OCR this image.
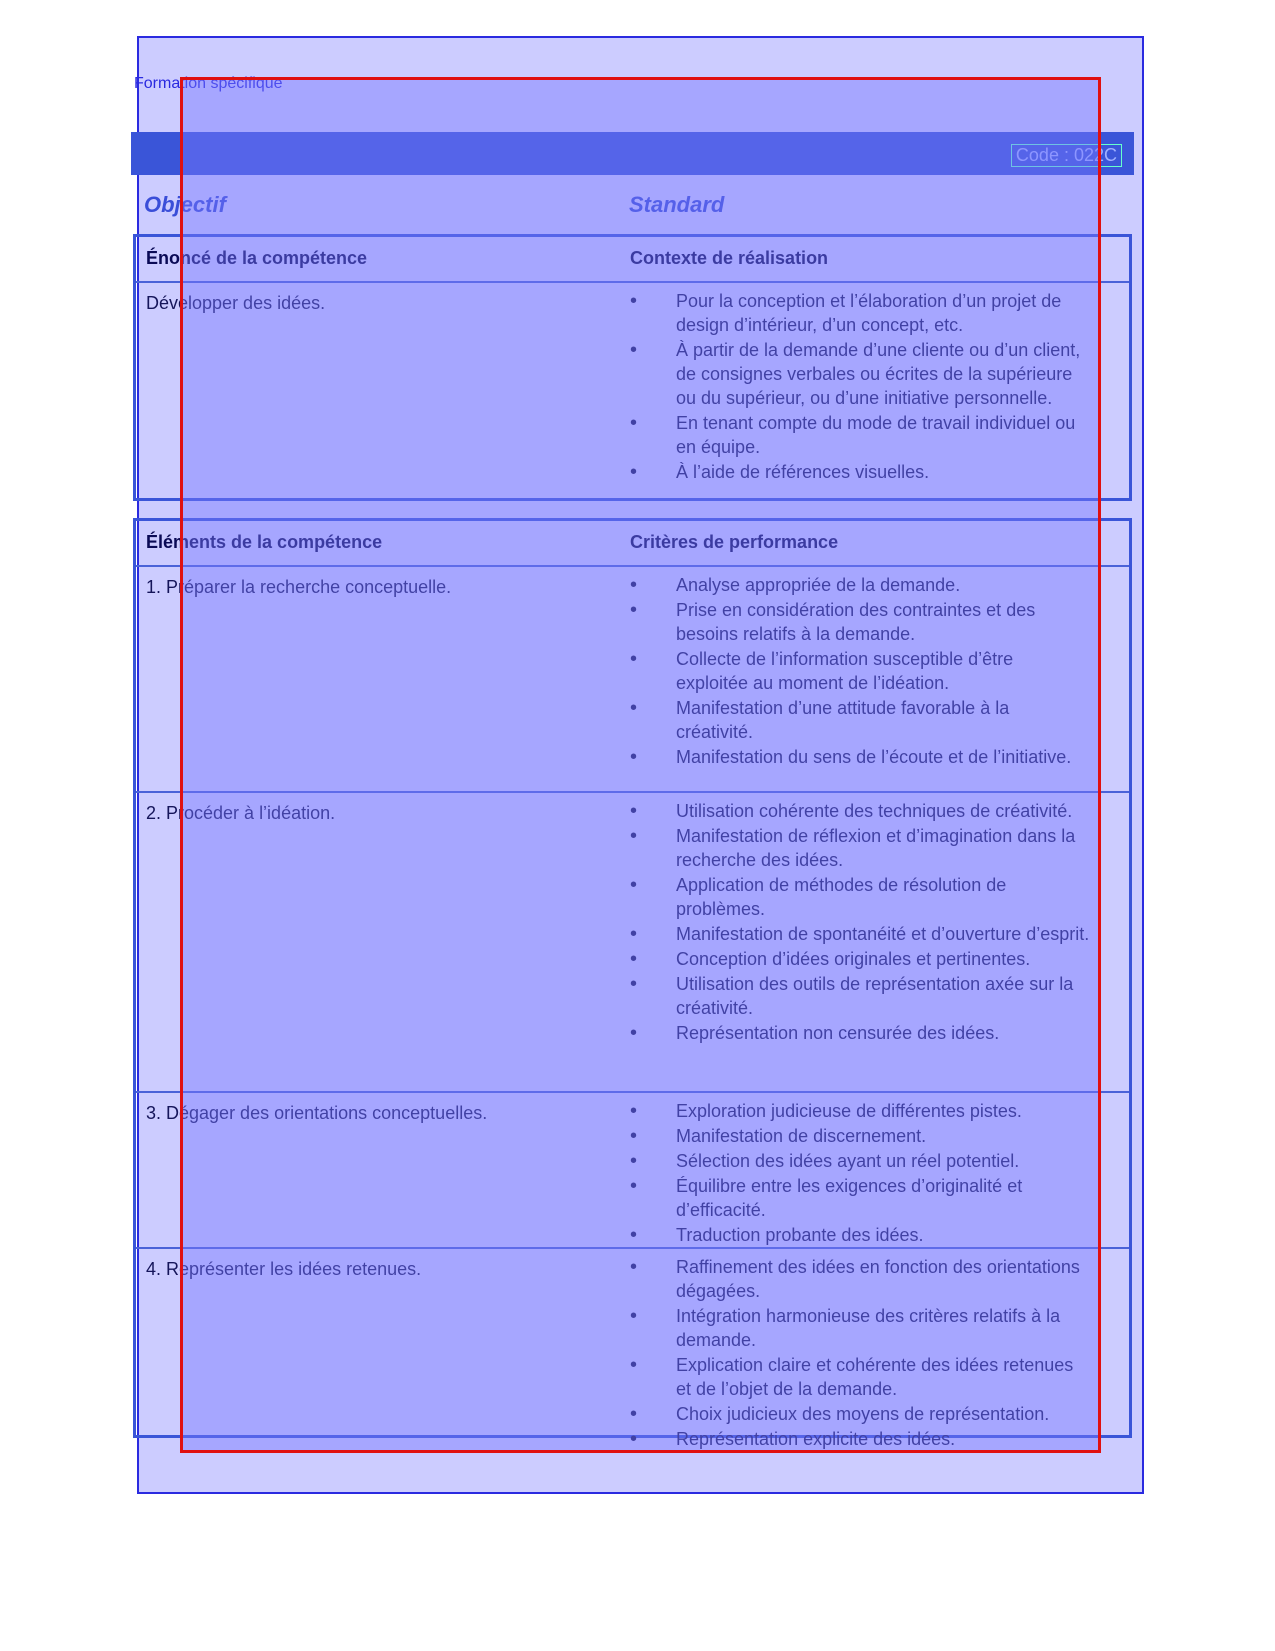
Formation spécifique
Code : 022C
Objectif	Standard
Énoncé de la compétence	Contexte de réalisation
Développer des idées.	• Pour la conception et l’élaboration d’un projet de design d’intérieur, d’un concept, etc.
• À partir de la demande d’une cliente ou d’un client, de consignes verbales ou écrites de la supérieure ou du supérieur, ou d’une initiative personnelle.
• En tenant compte du mode de travail individuel ou en équipe.
• À l’aide de références visuelles.
Éléments de la compétence	Critères de performance
1. Préparer la recherche conceptuelle.	• Analyse appropriée de la demande.
• Prise en considération des contraintes et des besoins relatifs à la demande.
• Collecte de l’information susceptible d’être exploitée au moment de l’idéation.
• Manifestation d’une attitude favorable à la créativité.
• Manifestation du sens de l’écoute et de l’initiative.
2. Procéder à l’idéation.	• Utilisation cohérente des techniques de créativité.
• Manifestation de réflexion et d’imagination dans la recherche des idées.
• Application de méthodes de résolution de problèmes.
• Manifestation de spontanéité et d’ouverture d’esprit.
• Conception d’idées originales et pertinentes.
• Utilisation des outils de représentation axée sur la créativité.
• Représentation non censurée des idées.
3. Dégager des orientations conceptuelles.	• Exploration judicieuse de différentes pistes.
• Manifestation de discernement.
• Sélection des idées ayant un réel potentiel.
• Équilibre entre les exigences d’originalité et d’efficacité.
• Traduction probante des idées.
4. Représenter les idées retenues.	• Raffinement des idées en fonction des orientations dégagées.
• Intégration harmonieuse des critères relatifs à la demande.
• Explication claire et cohérente des idées retenues et de l’objet de la demande.
• Choix judicieux des moyens de représentation.
• Représentation explicite des idées.
